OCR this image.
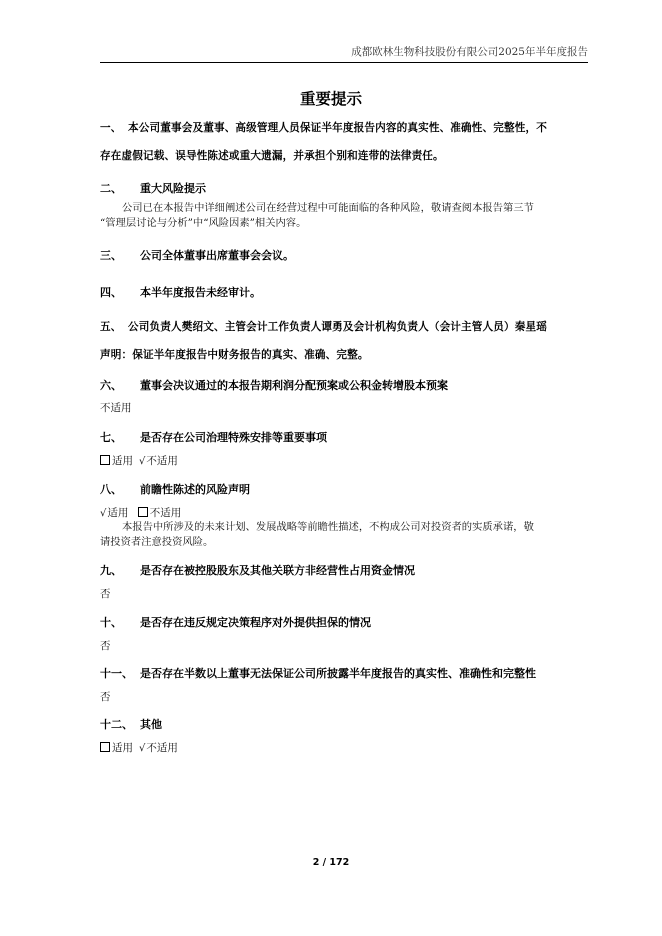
成都欧林生物科技股份有限公司2025年半年度报告
重要提示
一、 本公司董事会及董事、高级管理人员保证半年度报告内容的真实性、准确性、完整性，不
存在虚假记载、误导性陈述或重大遗漏，并承担个别和连带的法律责任。
二、 重大风险提示
公司已在本报告中详细阐述公司在经营过程中可能面临的各种风险，敬请查阅本报告第三节
“管理层讨论与分析”中“风险因素”相关内容。
三、 公司全体董事出席董事会会议。
四、 本半年度报告未经审计。
五、 公司负责人樊绍文、主管会计工作负责人谭勇及会计机构负责人（会计主管人员）秦星瑶
声明：保证半年度报告中财务报告的真实、准确、完整。
六、 董事会决议通过的本报告期利润分配预案或公积金转增股本预案
不适用
七、 是否存在公司治理特殊安排等重要事项
适用 √不适用
八、 前瞻性陈述的风险声明
√适用 不适用
本报告中所涉及的未来计划、发展战略等前瞻性描述，不构成公司对投资者的实质承诺，敬
请投资者注意投资风险。
九、 是否存在被控股股东及其他关联方非经营性占用资金情况
否
十、 是否存在违反规定决策程序对外提供担保的情况
否
十一、 是否存在半数以上董事无法保证公司所披露半年度报告的真实性、准确性和完整性
否
十二、 其他
适用 √不适用
2 / 172
